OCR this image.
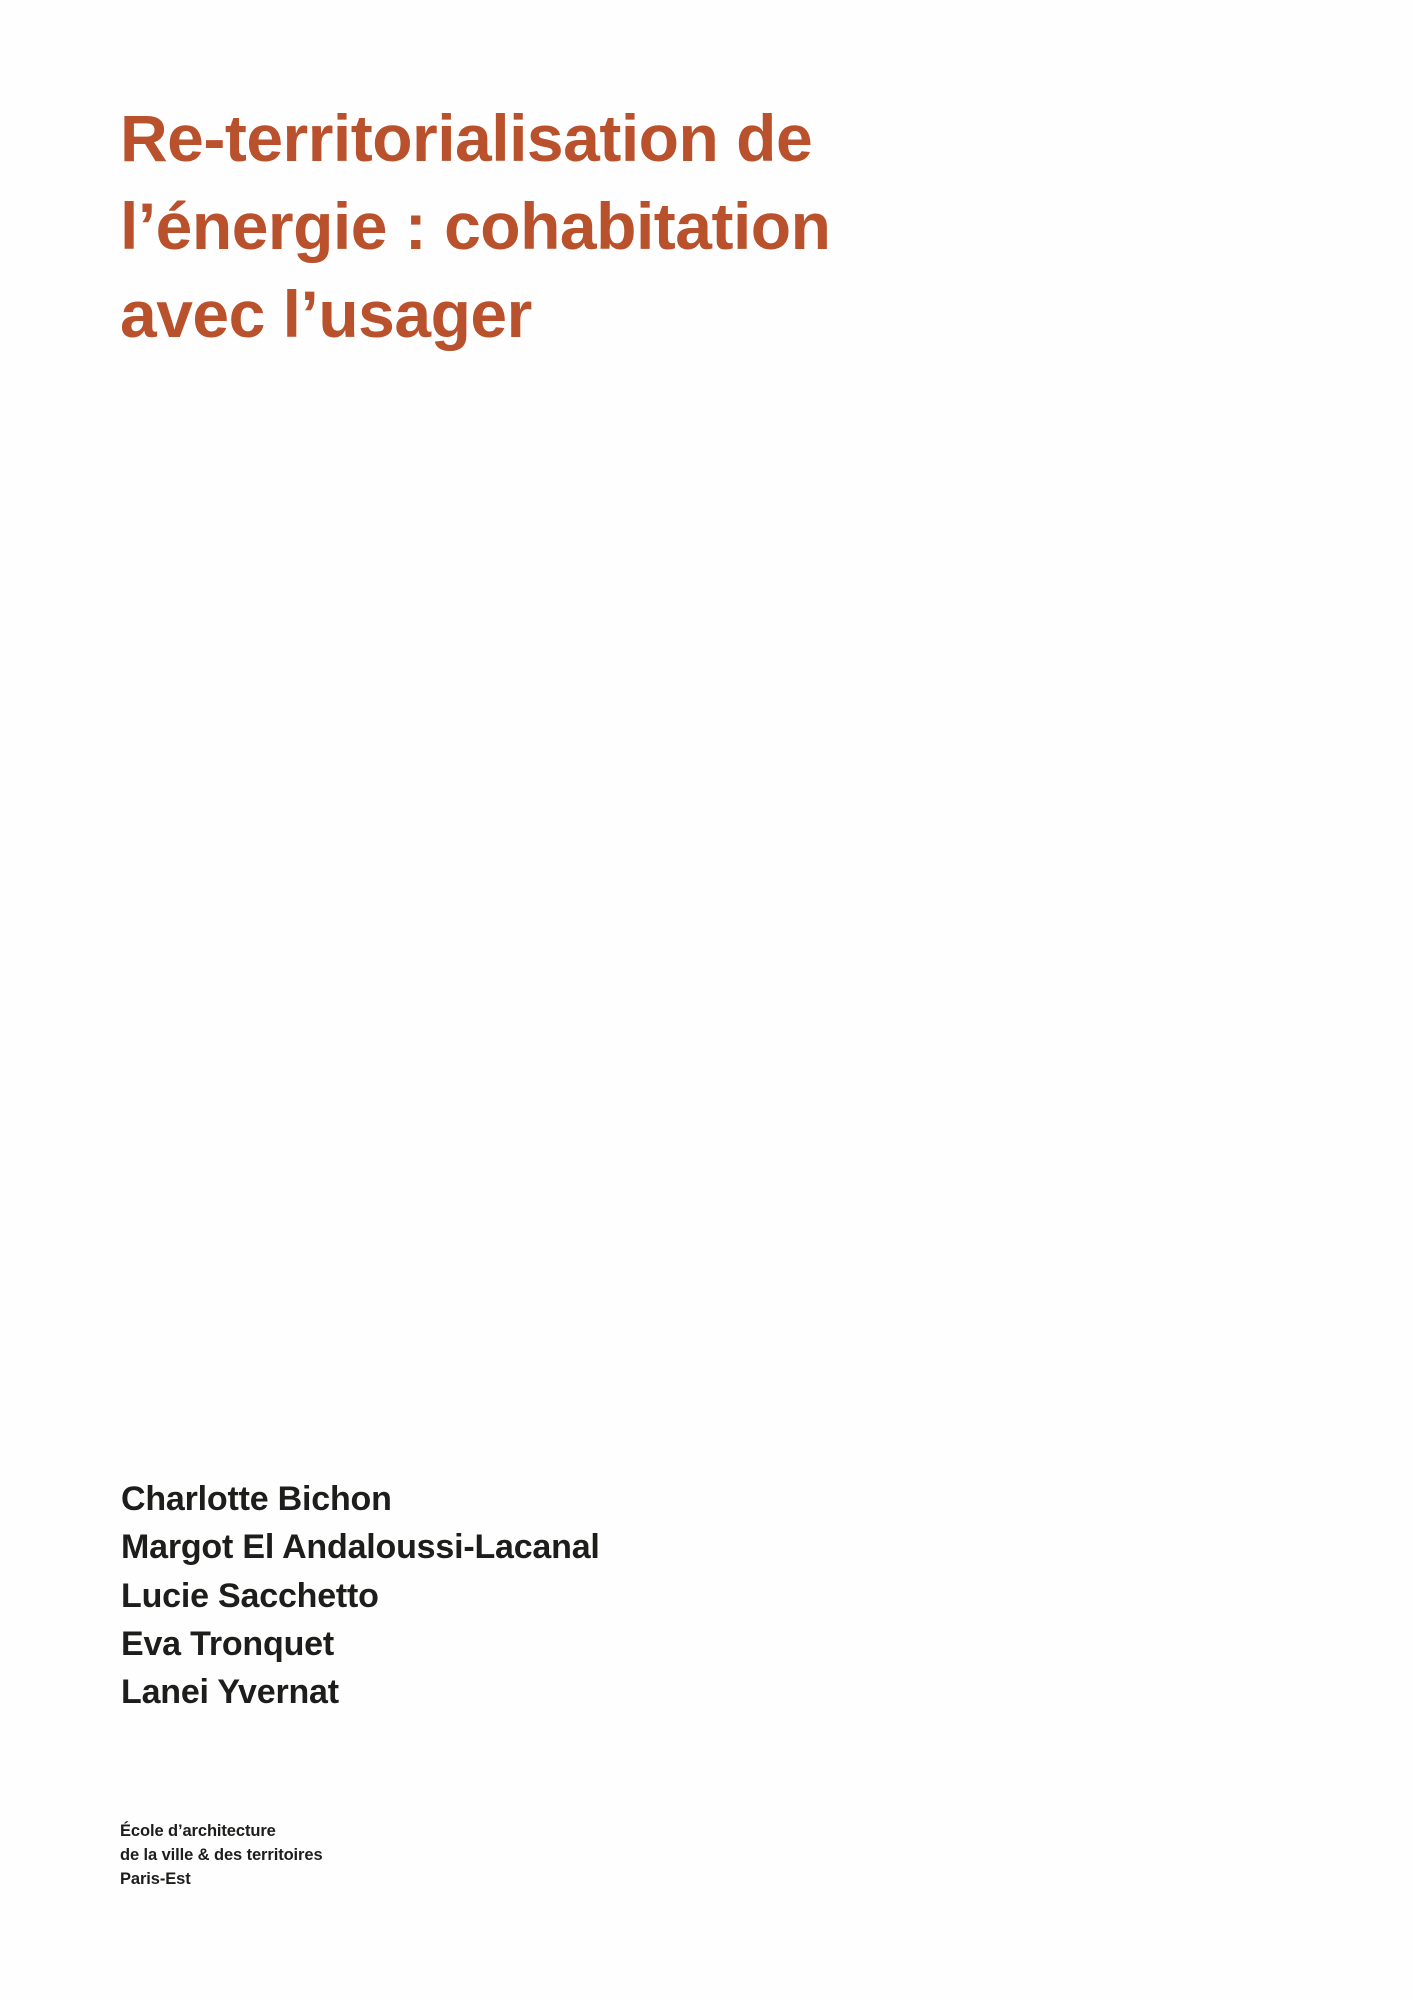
Re-territorialisation de
l’énergie : cohabitation
avec l’usager
Charlotte Bichon
Margot El Andaloussi-Lacanal
Lucie Sacchetto
Eva Tronquet
Lanei Yvernat
École d’architecture
de la ville & des territoires
Paris-Est
